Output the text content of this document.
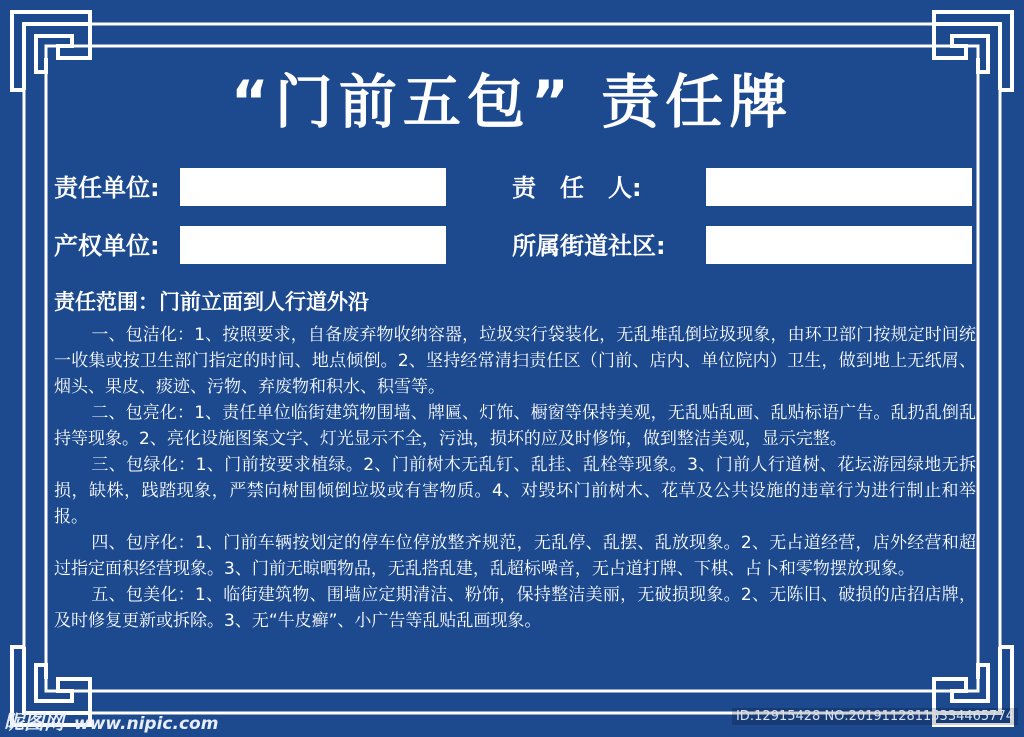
“门前五包” 责任牌
责任单位:	责　任　人:
产权单位:	所属街道社区:
责任范围：门前立面到人行道外沿

一、包洁化：1、按照要求，自备废弃物收纳容器，垃圾实行袋装化，无乱堆乱倒垃圾现象，由环卫部门按规定时间统一收集或按卫生部门指定的时间、地点倾倒。2、坚持经常清扫责任区（门前、店内、单位院内）卫生，做到地上无纸屑、烟头、果皮、痰迹、污物、弃废物和积水、积雪等。

二、包亮化：1、责任单位临街建筑物围墙、牌匾、灯饰、橱窗等保持美观，无乱贴乱画、乱贴标语广告。乱扔乱倒乱持等现象。2、亮化设施图案文字、灯光显示不全，污浊，损坏的应及时修饰，做到整洁美观，显示完整。

三、包绿化：1、门前按要求植绿。2、门前树木无乱钉、乱挂、乱栓等现象。3、门前人行道树、花坛游园绿地无拆损，缺株，践踏现象，严禁向树围倾倒垃圾或有害物质。4、对毁坏门前树木、花草及公共设施的违章行为进行制止和举报。

四、包序化：1、门前车辆按划定的停车位停放整齐规范，无乱停、乱摆、乱放现象。2、无占道经营，店外经营和超过指定面积经营现象。3、门前无晾晒物品，无乱搭乱建，乱超标噪音，无占道打牌、下棋、占卜和零物摆放现象。

五、包美化：1、临街建筑物、围墙应定期清洁、粉饰，保持整洁美丽，无破损现象。2、无陈旧、破损的店招店牌，及时修复更新或拆除。3、无“牛皮癣”、小广告等乱贴乱画现象。

昵图网 www.nipic.com	ID:12915428 NO:20191128115334465774
